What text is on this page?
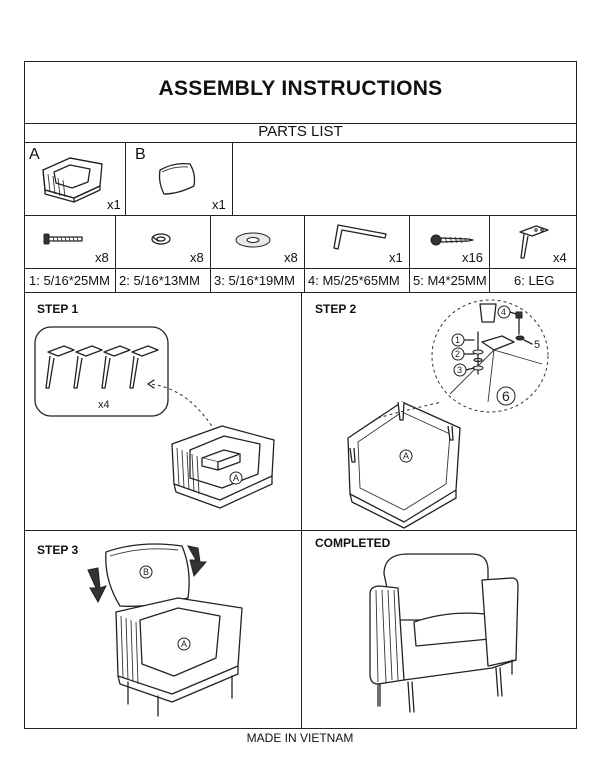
ASSEMBLY INSTRUCTIONS
PARTS LIST
A
x1
B
x1
x8	x8	x8	x1	x16	x4
1: 5/16*25MM 2: 5/16*13MM 3: 5/16*19MM 4: M5/25*65MM 5: M4*25MM 6: LEG
STEP 1	STEP 2
STEP 3	COMPLETED
x4
A
A
1
2
3
4
5
6
B
A
MADE IN VIETNAM
